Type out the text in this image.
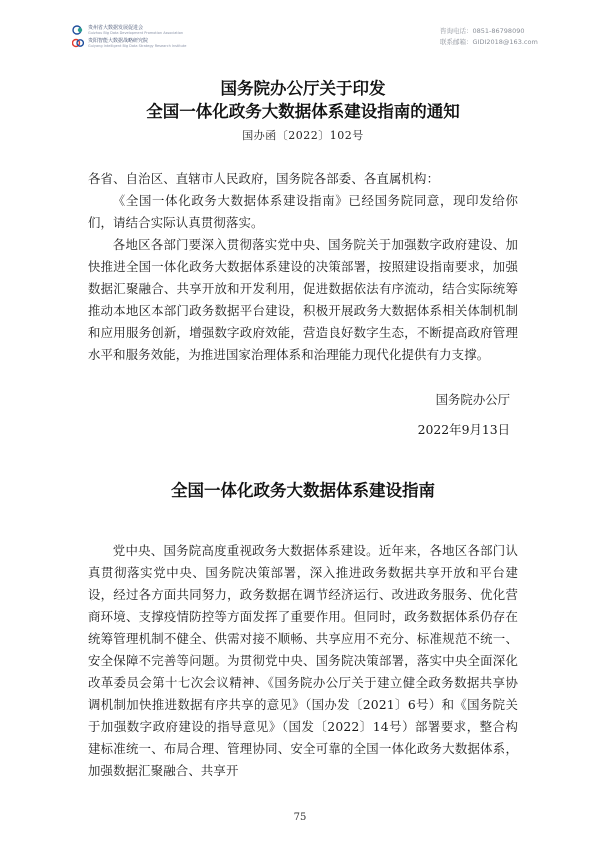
贵州省大数据发展促进会
Guizhou Big Data Development Promotion Association
贵阳智能大数据战略研究院
Guiyang Intelligent Big Data Strategy Research Institute
咨询电话：0851-86798090
联系邮箱：GIDI2018@163.com
国务院办公厅关于印发
全国一体化政务大数据体系建设指南的通知
国办函〔2022〕102号

各省、自治区、直辖市人民政府，国务院各部委、各直属机构：

《全国一体化政务大数据体系建设指南》已经国务院同意，现印发给你们，请结合实际认真贯彻落实。

各地区各部门要深入贯彻落实党中央、国务院关于加强数字政府建设、加快推进全国一体化政务大数据体系建设的决策部署，按照建设指南要求，加强数据汇聚融合、共享开放和开发利用，促进数据依法有序流动，结合实际统筹推动本地区本部门政务数据平台建设，积极开展政务大数据体系相关体制机制和应用服务创新，增强数字政府效能，营造良好数字生态，不断提高政府管理水平和服务效能，为推进国家治理体系和治理能力现代化提供有力支撑。

国务院办公厅

2022年9月13日

全国一体化政务大数据体系建设指南

党中央、国务院高度重视政务大数据体系建设。近年来，各地区各部门认真贯彻落实党中央、国务院决策部署，深入推进政务数据共享开放和平台建设，经过各方面共同努力，政务数据在调节经济运行、改进政务服务、优化营商环境、支撑疫情防控等方面发挥了重要作用。但同时，政务数据体系仍存在统筹管理机制不健全、供需对接不顺畅、共享应用不充分、标准规范不统一、安全保障不完善等问题。为贯彻党中央、国务院决策部署，落实中央全面深化改革委员会第十七次会议精神、《国务院办公厅关于建立健全政务数据共享协调机制加快推进数据有序共享的意见》（国办发〔2021〕6号）和《国务院关于加强数字政府建设的指导意见》（国发〔2022〕14号）部署要求，整合构建标准统一、布局合理、管理协同、安全可靠的全国一体化政务大数据体系，加强数据汇聚融合、共享开

75
